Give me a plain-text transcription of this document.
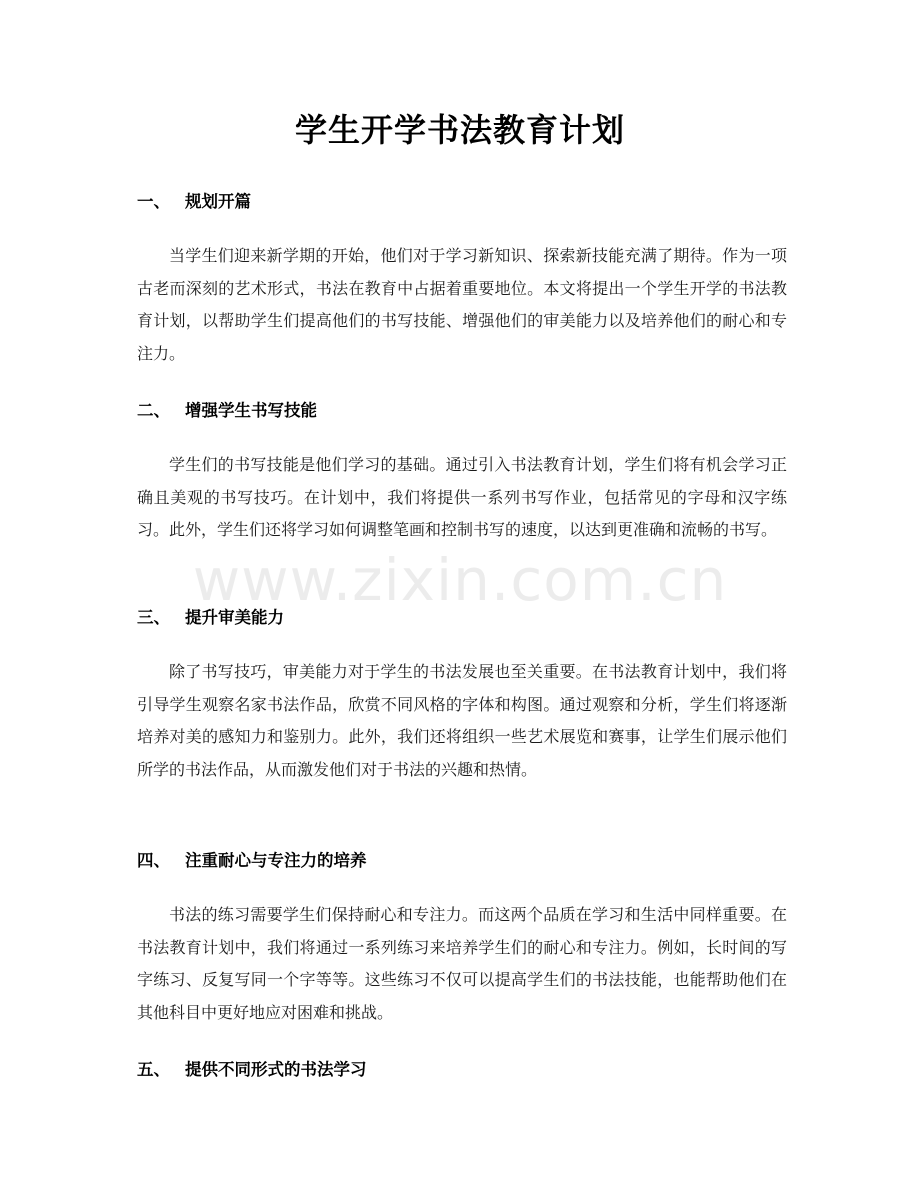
学生开学书法教育计划
一、 规划开篇
当学生们迎来新学期的开始，他们对于学习新知识、探索新技能充满了期待。作为一项古老而深刻的艺术形式，书法在教育中占据着重要地位。本文将提出一个学生开学的书法教育计划，以帮助学生们提高他们的书写技能、增强他们的审美能力以及培养他们的耐心和专注力。
二、 增强学生书写技能
学生们的书写技能是他们学习的基础。通过引入书法教育计划，学生们将有机会学习正确且美观的书写技巧。在计划中，我们将提供一系列书写作业，包括常见的字母和汉字练习。此外，学生们还将学习如何调整笔画和控制书写的速度，以达到更准确和流畅的书写。
三、 提升审美能力
除了书写技巧，审美能力对于学生的书法发展也至关重要。在书法教育计划中，我们将引导学生观察名家书法作品，欣赏不同风格的字体和构图。通过观察和分析，学生们将逐渐培养对美的感知力和鉴别力。此外，我们还将组织一些艺术展览和赛事，让学生们展示他们所学的书法作品，从而激发他们对于书法的兴趣和热情。
四、 注重耐心与专注力的培养
书法的练习需要学生们保持耐心和专注力。而这两个品质在学习和生活中同样重要。在书法教育计划中，我们将通过一系列练习来培养学生们的耐心和专注力。例如，长时间的写字练习、反复写同一个字等等。这些练习不仅可以提高学生们的书法技能，也能帮助他们在其他科目中更好地应对困难和挑战。
五、 提供不同形式的书法学习
www.zixin.com.cn
